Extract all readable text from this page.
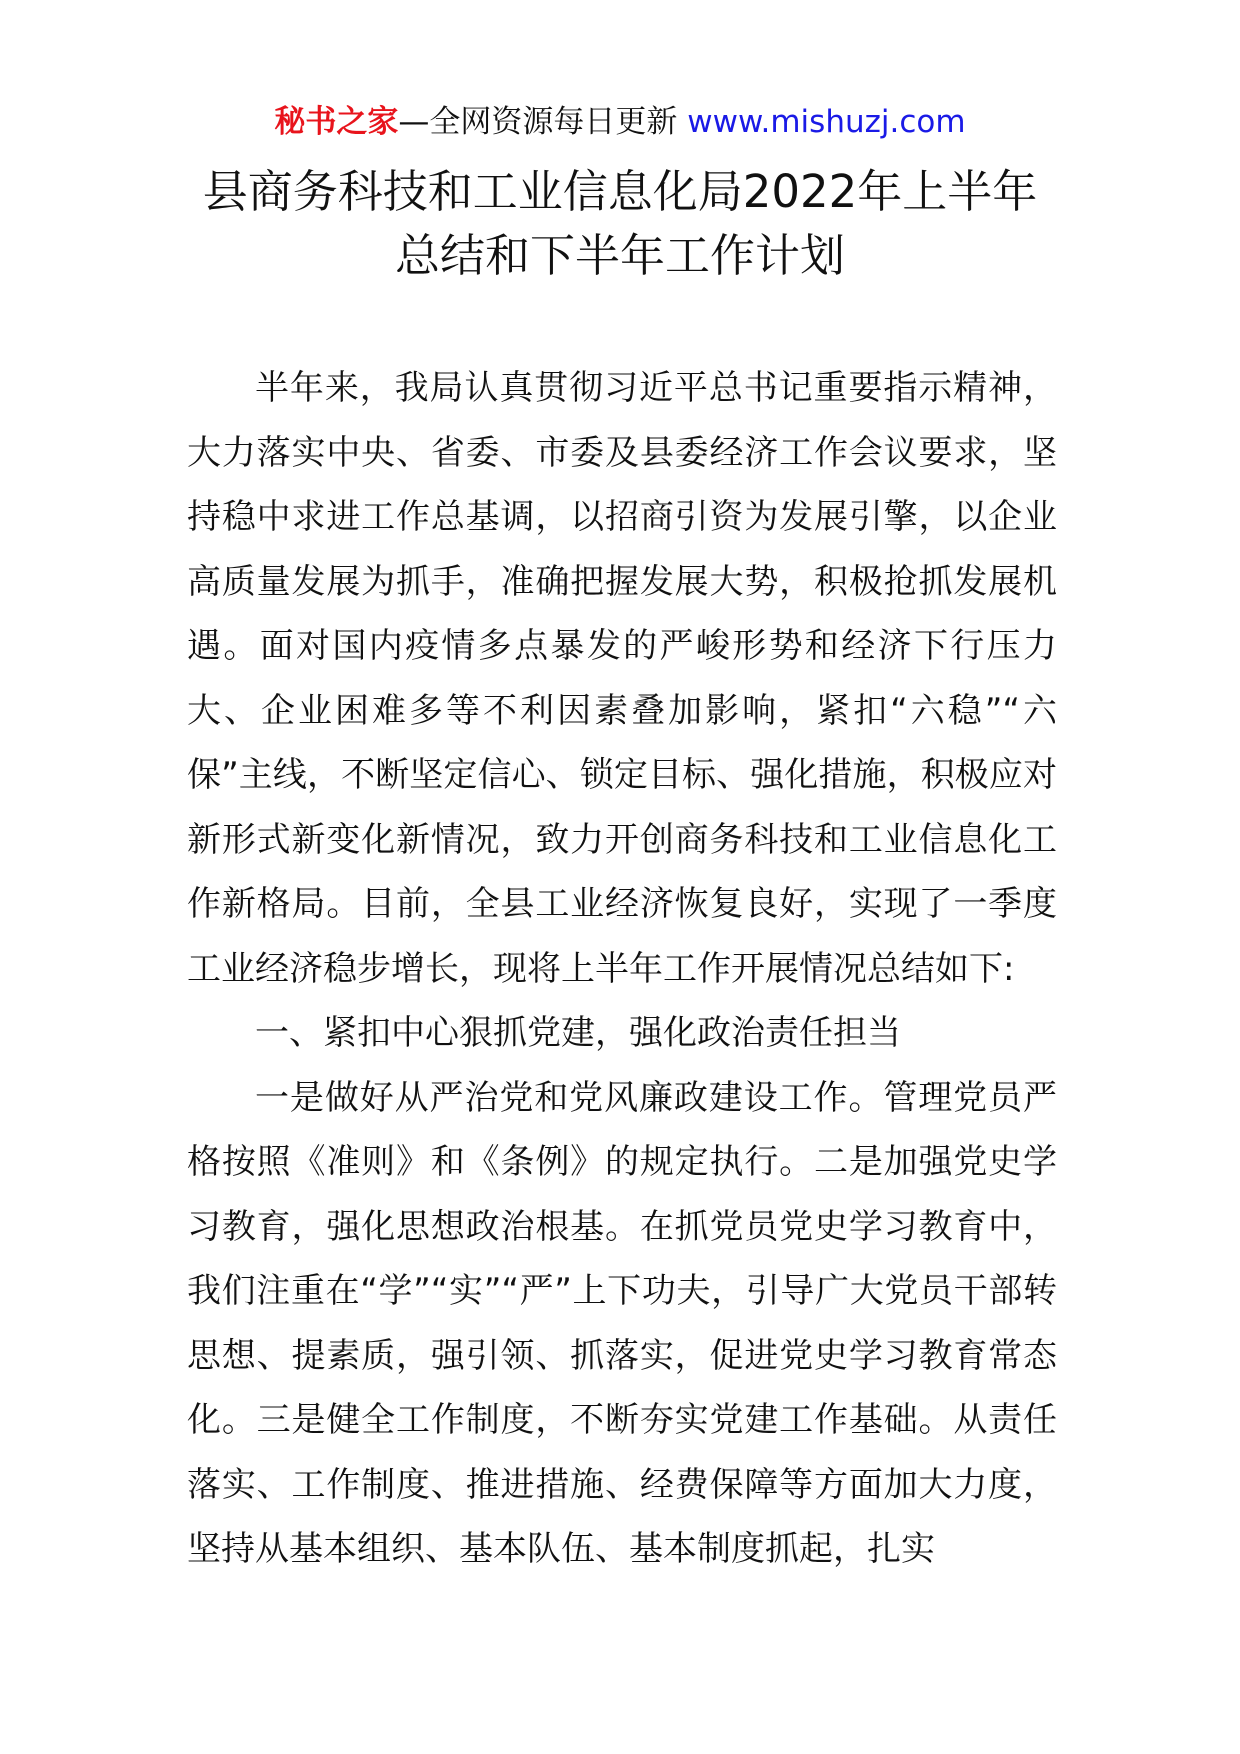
秘书之家—全网资源每日更新 www.mishuzj.com
县商务科技和工业信息化局2022年上半年
总结和下半年工作计划

半年来，我局认真贯彻习近平总书记重要指示精神，大力落实中央、省委、市委及县委经济工作会议要求，坚持稳中求进工作总基调，以招商引资为发展引擎，以企业高质量发展为抓手，准确把握发展大势，积极抢抓发展机遇。面对国内疫情多点暴发的严峻形势和经济下行压力大、企业困难多等不利因素叠加影响，紧扣“六稳”“六保”主线，不断坚定信心、锁定目标、强化措施，积极应对新形式新变化新情况，致力开创商务科技和工业信息化工作新格局。目前，全县工业经济恢复良好，实现了一季度工业经济稳步增长，现将上半年工作开展情况总结如下:

一、紧扣中心狠抓党建，强化政治责任担当

一是做好从严治党和党风廉政建设工作。管理党员严格按照《准则》和《条例》的规定执行。二是加强党史学习教育，强化思想政治根基。在抓党员党史学习教育中，我们注重在“学”“实”“严”上下功夫，引导广大党员干部转思想、提素质，强引领、抓落实，促进党史学习教育常态化。三是健全工作制度，不断夯实党建工作基础。从责任落实、工作制度、推进措施、经费保障等方面加大力度，坚持从基本组织、基本队伍、基本制度抓起，扎实
